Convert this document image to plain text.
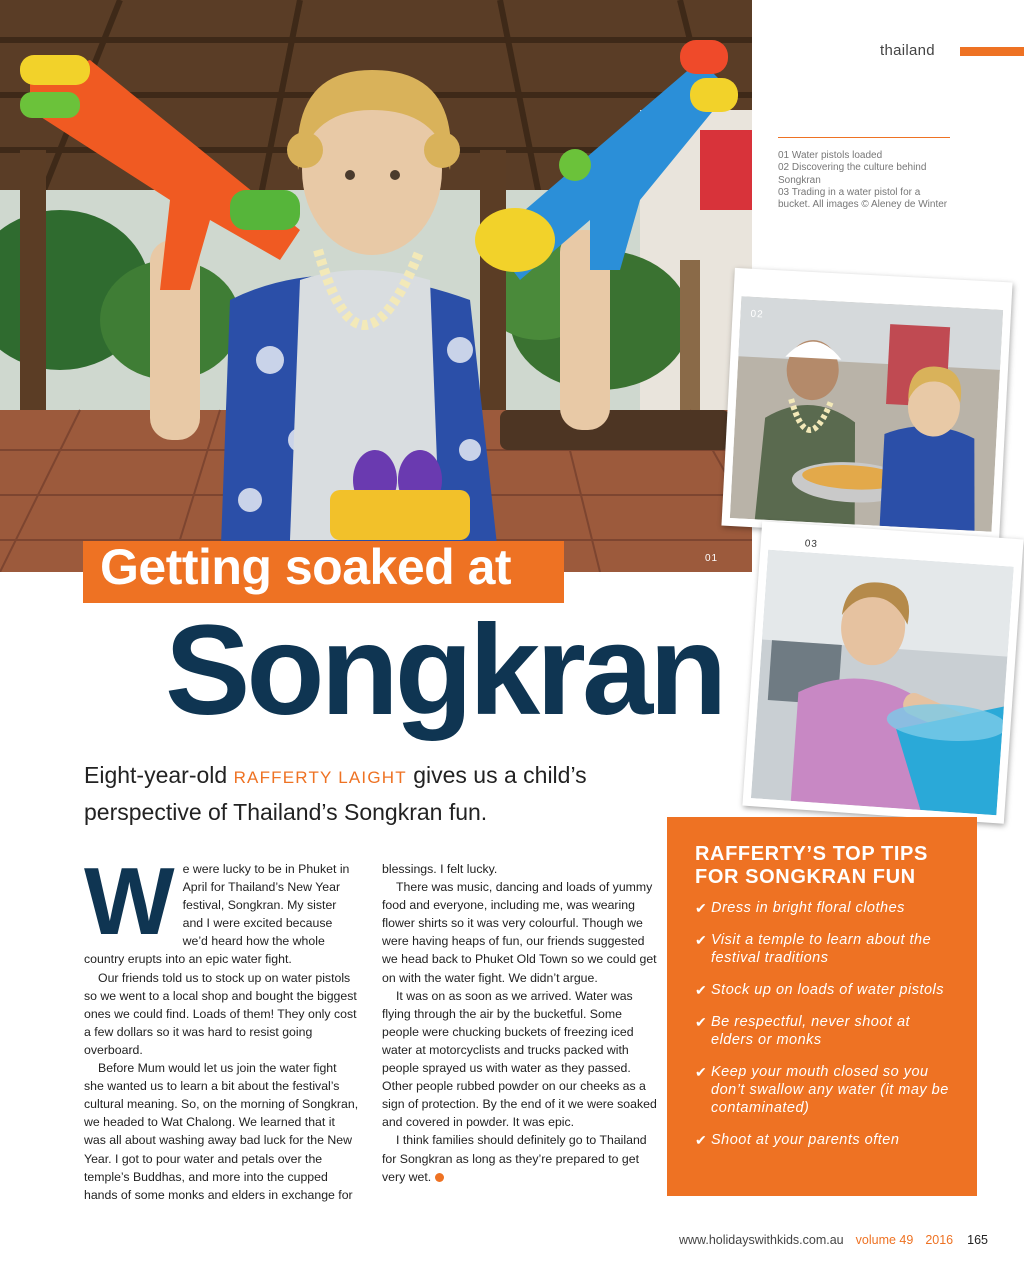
01
thailand
01 Water pistols loaded
02 Discovering the culture behind Songkran
03 Trading in a water pistol for a bucket. All images © Aleney de Winter
02
03
Getting soaked at
Songkran
Eight-year-old RAFFERTY LAIGHT gives us a child’s perspective of Thailand’s Songkran fun.

We were lucky to be in Phuket in April for Thailand’s New Year festival, Songkran. My sister and I were excited because we’d heard how the whole country erupts into an epic water fight.

Our friends told us to stock up on water pistols so we went to a local shop and bought the biggest ones we could find. Loads of them! They only cost a few dollars so it was hard to resist going overboard.

Before Mum would let us join the water fight she wanted us to learn a bit about the festival’s cultural meaning. So, on the morning of Songkran, we headed to Wat Chalong. We learned that it was all about washing away bad luck for the New Year. I got to pour water and petals over the temple’s Buddhas, and more into the cupped hands of some monks and elders in exchange for

blessings. I felt lucky.

There was music, dancing and loads of yummy food and everyone, including me, was wearing flower shirts so it was very colourful. Though we were having heaps of fun, our friends suggested we head back to Phuket Old Town so we could get on with the water fight. We didn’t argue.

It was on as soon as we arrived. Water was flying through the air by the bucketful. Some people were chucking buckets of freezing iced water at motorcyclists and trucks packed with people sprayed us with water as they passed. Other people rubbed powder on our cheeks as a sign of protection. By the end of it we were soaked and covered in powder. It was epic.

I think families should definitely go to Thailand for Songkran as long as they’re prepared to get very wet.

RAFFERTY’S TOP TIPS FOR SONGKRAN FUN
✔ Dress in bright floral clothes
✔ Visit a temple to learn about the festival traditions
✔ Stock up on loads of water pistols
✔ Be respectful, never shoot at elders or monks
✔ Keep your mouth closed so you don’t swallow any water (it may be contaminated)
✔ Shoot at your parents often
www.holidayswithkids.com.au volume 49 2016 165
